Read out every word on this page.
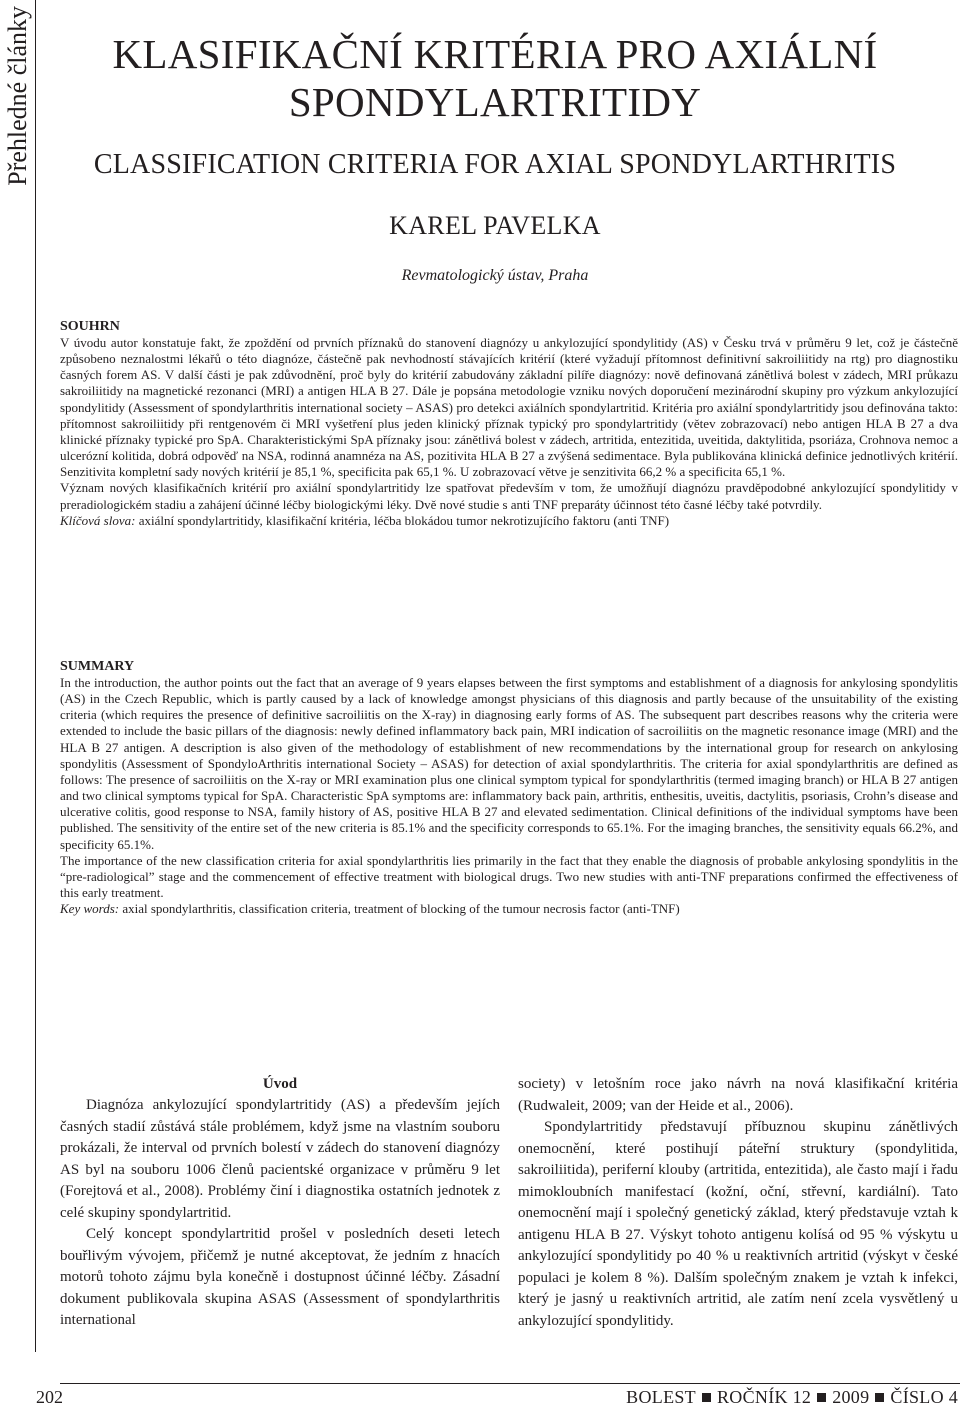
Přehledné články	KLASIFIKAČNÍ KRITÉRIA PRO AXIÁLNÍ
SPONDYLARTRITIDY
CLASSIFICATION CRITERIA FOR AXIAL SPONDYLARTHRITIS
KAREL PAVELKA
Revmatologický ústav, Praha
SOUHRN

V úvodu autor konstatuje fakt, že zpoždění od prvních příznaků do stanovení diagnózy u ankylozující spondylitidy (AS) v Česku trvá v průměru 9 let, což je částečně způsobeno neznalostmi lékařů o této diagnóze, částečně pak nevhodností stávajících kritérií (které vyžadují přítomnost definitivní sakroiliitidy na rtg) pro diagnostiku časných forem AS. V další části je pak zdůvodnění, proč byly do kritérií zabudovány základní pilíře diagnózy: nově definovaná zánětlivá bolest v zádech, MRI průkazu sakroiliitidy na magnetické rezonanci (MRI) a antigen HLA B 27. Dále je popsána metodologie vzniku nových doporučení mezinárodní skupiny pro výzkum ankylozující spondylitidy (Assessment of spondylarthritis international society – ASAS) pro detekci axiálních spondylartritid. Kritéria pro axiální spondylartritidy jsou definována takto: přítomnost sakroiliitidy při rentgenovém či MRI vyšetření plus jeden klinický příznak typický pro spondylartritidy (větev zobrazovací) nebo antigen HLA B 27 a dva klinické příznaky typické pro SpA. Charakteristickými SpA příznaky jsou: zánětlivá bolest v zádech, artritida, entezitida, uveitida, daktylitida, psoriáza, Crohnova nemoc a ulcerózní kolitida, dobrá odpověď na NSA, rodinná anamnéza na AS, pozitivita HLA B 27 a zvýšená sedimentace. Byla publikována klinická definice jednotlivých kritérií. Senzitivita kompletní sady nových kritérií je 85,1 %, specificita pak 65,1 %. U zobrazovací větve je senzitivita 66,2 % a specificita 65,1 %.

Význam nových klasifikačních kritérií pro axiální spondylartritidy lze spatřovat především v tom, že umožňují diagnózu pravděpodobné ankylozující spondylitidy v preradiologickém stadiu a zahájení účinné léčby biologickými léky. Dvě nové studie s anti TNF preparáty účinnost této časné léčby také potvrdily.

Klíčová slova: axiální spondylartritidy, klasifikační kritéria, léčba blokádou tumor nekrotizujícího faktoru (anti TNF)

SUMMARY

In the introduction, the author points out the fact that an average of 9 years elapses between the first symptoms and establishment of a diagnosis for ankylosing spondylitis (AS) in the Czech Republic, which is partly caused by a lack of knowledge amongst physicians of this diagnosis and partly because of the unsuitability of the existing criteria (which requires the presence of definitive sacroiliitis on the X-ray) in diagnosing early forms of AS. The subsequent part describes reasons why the criteria were extended to include the basic pillars of the diagnosis: newly defined inflammatory back pain, MRI indication of sacroiliitis on the magnetic resonance image (MRI) and the HLA B 27 antigen. A description is also given of the methodology of establishment of new recommendations by the international group for research on ankylosing spondylitis (Assessment of SpondyloArthritis international Society – ASAS) for detection of axial spondylarthritis. The criteria for axial spondylarthritis are defined as follows: The presence of sacroiliitis on the X-ray or MRI examination plus one clinical symptom typical for spondylarthritis (termed imaging branch) or HLA B 27 antigen and two clinical symptoms typical for SpA. Characteristic SpA symptoms are: inflammatory back pain, arthritis, enthesitis, uveitis, dactylitis, psoriasis, Crohn’s disease and ulcerative colitis, good response to NSA, family history of AS, positive HLA B 27 and elevated sedimentation. Clinical definitions of the individual symptoms have been published. The sensitivity of the entire set of the new criteria is 85.1% and the specificity corresponds to 65.1%. For the imaging branches, the sensitivity equals 66.2%, and specificity 65.1%.

The importance of the new classification criteria for axial spondylarthritis lies primarily in the fact that they enable the diagnosis of probable ankylosing spondylitis in the “pre-radiological” stage and the commencement of effective treatment with biological drugs. Two new studies with anti-TNF preparations confirmed the effectiveness of this early treatment.

Key words: axial spondylarthritis, classification criteria, treatment of blocking of the tumour necrosis factor (anti-TNF)

Úvod

Diagnóza ankylozující spondylartritidy (AS) a především jejích časných stadií zůstává stále problémem, když jsme na vlastním souboru prokázali, že interval od prvních bolestí v zádech do stanovení diagnózy AS byl na souboru 1006 členů pacientské organizace v průměru 9 let (Forejtová et al., 2008). Problémy činí i diagnostika ostatních jednotek z celé skupiny spondylartritid.

Celý koncept spondylartritid prošel v posledních deseti letech bouřlivým vývojem, přičemž je nutné akceptovat, že jedním z hnacích motorů tohoto zájmu byla konečně i dostupnost účinné léčby. Zásadní dokument publikovala skupina ASAS (Assessment of spondylarthritis international

society) v letošním roce jako návrh na nová klasifikační kritéria (Rudwaleit, 2009; van der Heide et al., 2006).

Spondylartritidy představují příbuznou skupinu zánětlivých onemocnění, které postihují páteřní struktury (spondylitida, sakroiliitida), periferní klouby (artritida, entezitida), ale často mají i řadu mimokloubních manifestací (kožní, oční, střevní, kardiální). Tato onemocnění mají i společný genetický základ, který představuje vztah k antigenu HLA B 27. Výskyt tohoto antigenu kolísá od 95 % výskytu u ankylozující spondylitidy po 40 % u reaktivních artritid (výskyt v české populaci je kolem 8 %). Dalším společným znakem je vztah k infekci, který je jasný u reaktivních artritid, ale zatím není zcela vysvětlený u ankylozující spondylitidy.

202	BOLEST ROČNÍK 12 2009 ČÍSLO 4
